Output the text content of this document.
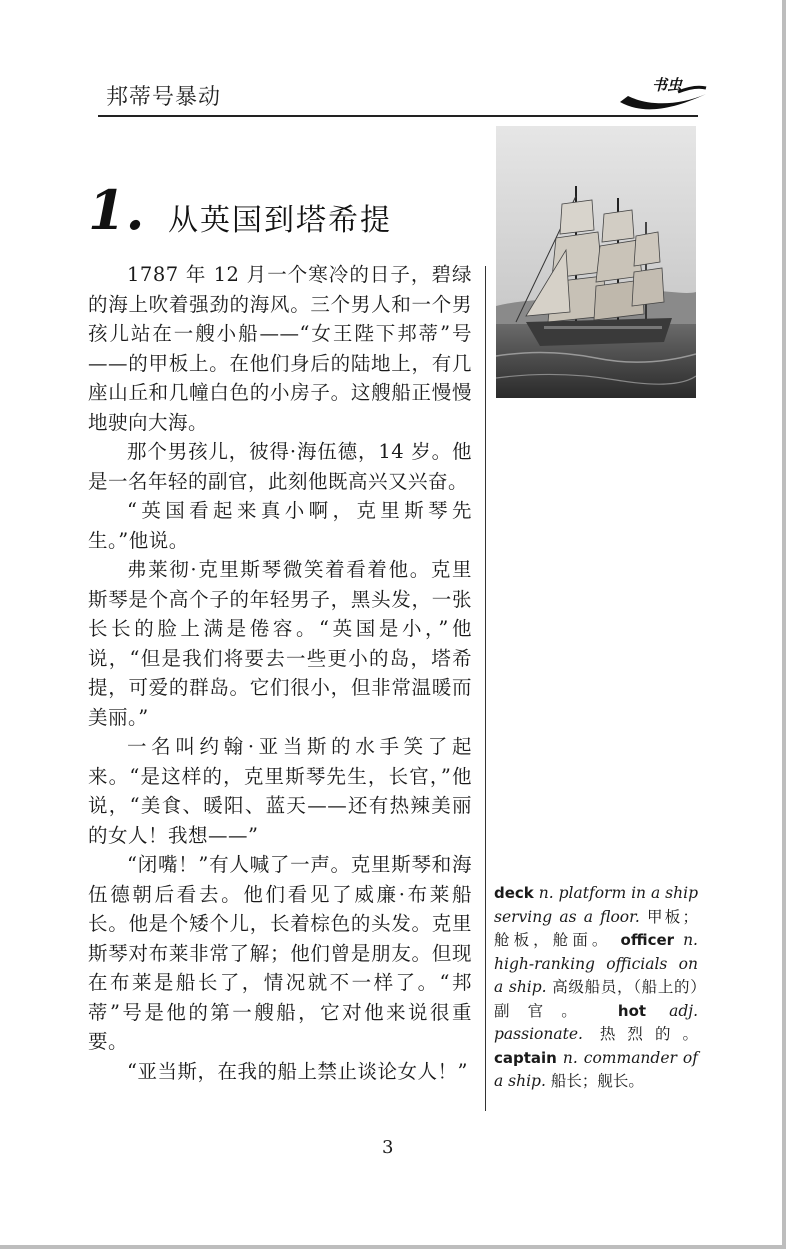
邦蒂号暴动	书虫
1. 从英国到塔希提

1787 年 12 月一个寒冷的日子，碧绿的海上吹着强劲的海风。三个男人和一个男孩儿站在一艘小船——“女王陛下邦蒂”号——的甲板上。在他们身后的陆地上，有几座山丘和几幢白色的小房子。这艘船正慢慢地驶向大海。

那个男孩儿，彼得·海伍德，14 岁。他是一名年轻的副官，此刻他既高兴又兴奋。

“英国看起来真小啊，克里斯琴先生。”他说。

弗莱彻·克里斯琴微笑着看着他。克里斯琴是个高个子的年轻男子，黑头发，一张长长的脸上满是倦容。“英国是小，”他说，“但是我们将要去一些更小的岛，塔希提，可爱的群岛。它们很小，但非常温暖而美丽。”

一名叫约翰·亚当斯的水手笑了起来。“是这样的，克里斯琴先生，长官，”他说，“美食、暖阳、蓝天——还有热辣美丽的女人！我想——”

“闭嘴！”有人喊了一声。克里斯琴和海伍德朝后看去。他们看见了威廉·布莱船长。他是个矮个儿，长着棕色的头发。克里斯琴对布莱非常了解；他们曾是朋友。但现在布莱是船长了，情况就不一样了。“邦蒂”号是他的第一艘船，它对他来说很重要。

“亚当斯，在我的船上禁止谈论女人！”

deck n. platform in a ship serving as a floor. 甲板；舱板，舱面。 officer n. high-ranking officials on a ship. 高级船员，（船上的）副官。 hot adj. passionate. 热烈的。 captain n. commander of a ship. 船长；舰长。
3
